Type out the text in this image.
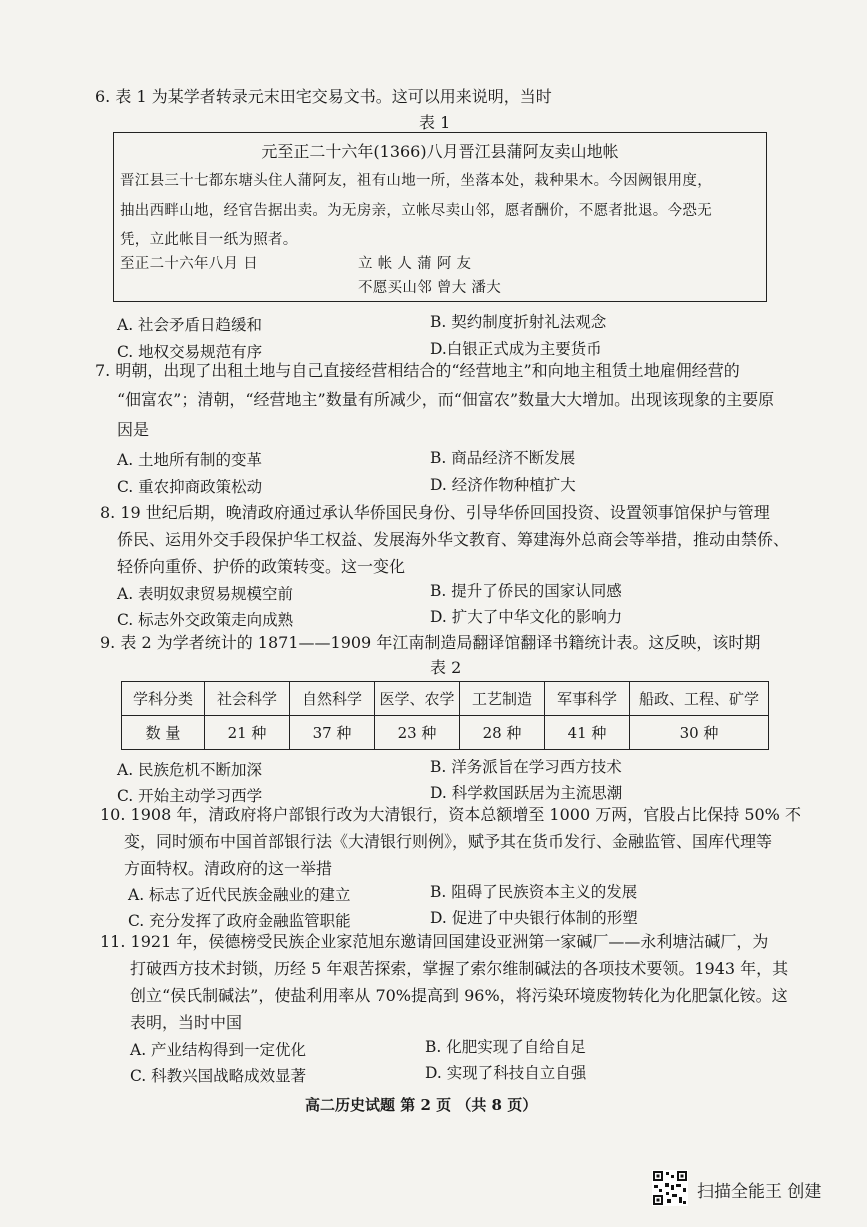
6. 表 1 为某学者转录元末田宅交易文书。这可以用来说明，当时
表 1
元至正二十六年(1366)八月晋江县蒲阿友卖山地帐
晋江县三十七都东塘头住人蒲阿友，祖有山地一所，坐落本处，栽种果木。今因阙银用度，
抽出西畔山地，经官告据出卖。为无房亲，立帐尽卖山邻，愿者酬价，不愿者批退。今恐无
凭，立此帐目一纸为照者。
至正二十六年八月 日	立 帐 人 蒲 阿 友
不愿买山邻 曾大 潘大
A. 社会矛盾日趋缓和	B. 契约制度折射礼法观念
C. 地权交易规范有序	D.白银正式成为主要货币
7. 明朝，出现了出租土地与自己直接经营相结合的“经营地主”和向地主租赁土地雇佣经营的
“佃富农”；清朝，“经营地主”数量有所减少，而“佃富农”数量大大增加。出现该现象的主要原
因是
A. 土地所有制的变革	B. 商品经济不断发展
C. 重农抑商政策松动	D. 经济作物种植扩大
8. 19 世纪后期，晚清政府通过承认华侨国民身份、引导华侨回国投资、设置领事馆保护与管理
侨民、运用外交手段保护华工权益、发展海外华文教育、筹建海外总商会等举措，推动由禁侨、
轻侨向重侨、护侨的政策转变。这一变化
A. 表明奴隶贸易规模空前	B. 提升了侨民的国家认同感
C. 标志外交政策走向成熟	D. 扩大了中华文化的影响力
9. 表 2 为学者统计的 1871——1909 年江南制造局翻译馆翻译书籍统计表。这反映，该时期
表 2
学科分类	社会科学	自然科学	医学、农学	工艺制造	军事科学	船政、工程、矿学
数 量	21 种	37 种	23 种	28 种	41 种	30 种
A. 民族危机不断加深	B. 洋务派旨在学习西方技术
C. 开始主动学习西学	D. 科学救国跃居为主流思潮
10. 1908 年，清政府将户部银行改为大清银行，资本总额增至 1000 万两，官股占比保持 50% 不
变，同时颁布中国首部银行法《大清银行则例》，赋予其在货币发行、金融监管、国库代理等
方面特权。清政府的这一举措
A. 标志了近代民族金融业的建立	B. 阻碍了民族资本主义的发展
C. 充分发挥了政府金融监管职能	D. 促进了中央银行体制的形塑
11. 1921 年，侯德榜受民族企业家范旭东邀请回国建设亚洲第一家碱厂——永利塘沽碱厂，为
打破西方技术封锁，历经 5 年艰苦探索，掌握了索尔维制碱法的各项技术要领。1943 年，其
创立“侯氏制碱法”，使盐利用率从 70%提高到 96%，将污染环境废物转化为化肥氯化铵。这
表明，当时中国
A. 产业结构得到一定优化	B. 化肥实现了自给自足
C. 科教兴国战略成效显著	D. 实现了科技自立自强
高二历史试题 第 2 页 （共 8 页）
扫描全能王 创建
